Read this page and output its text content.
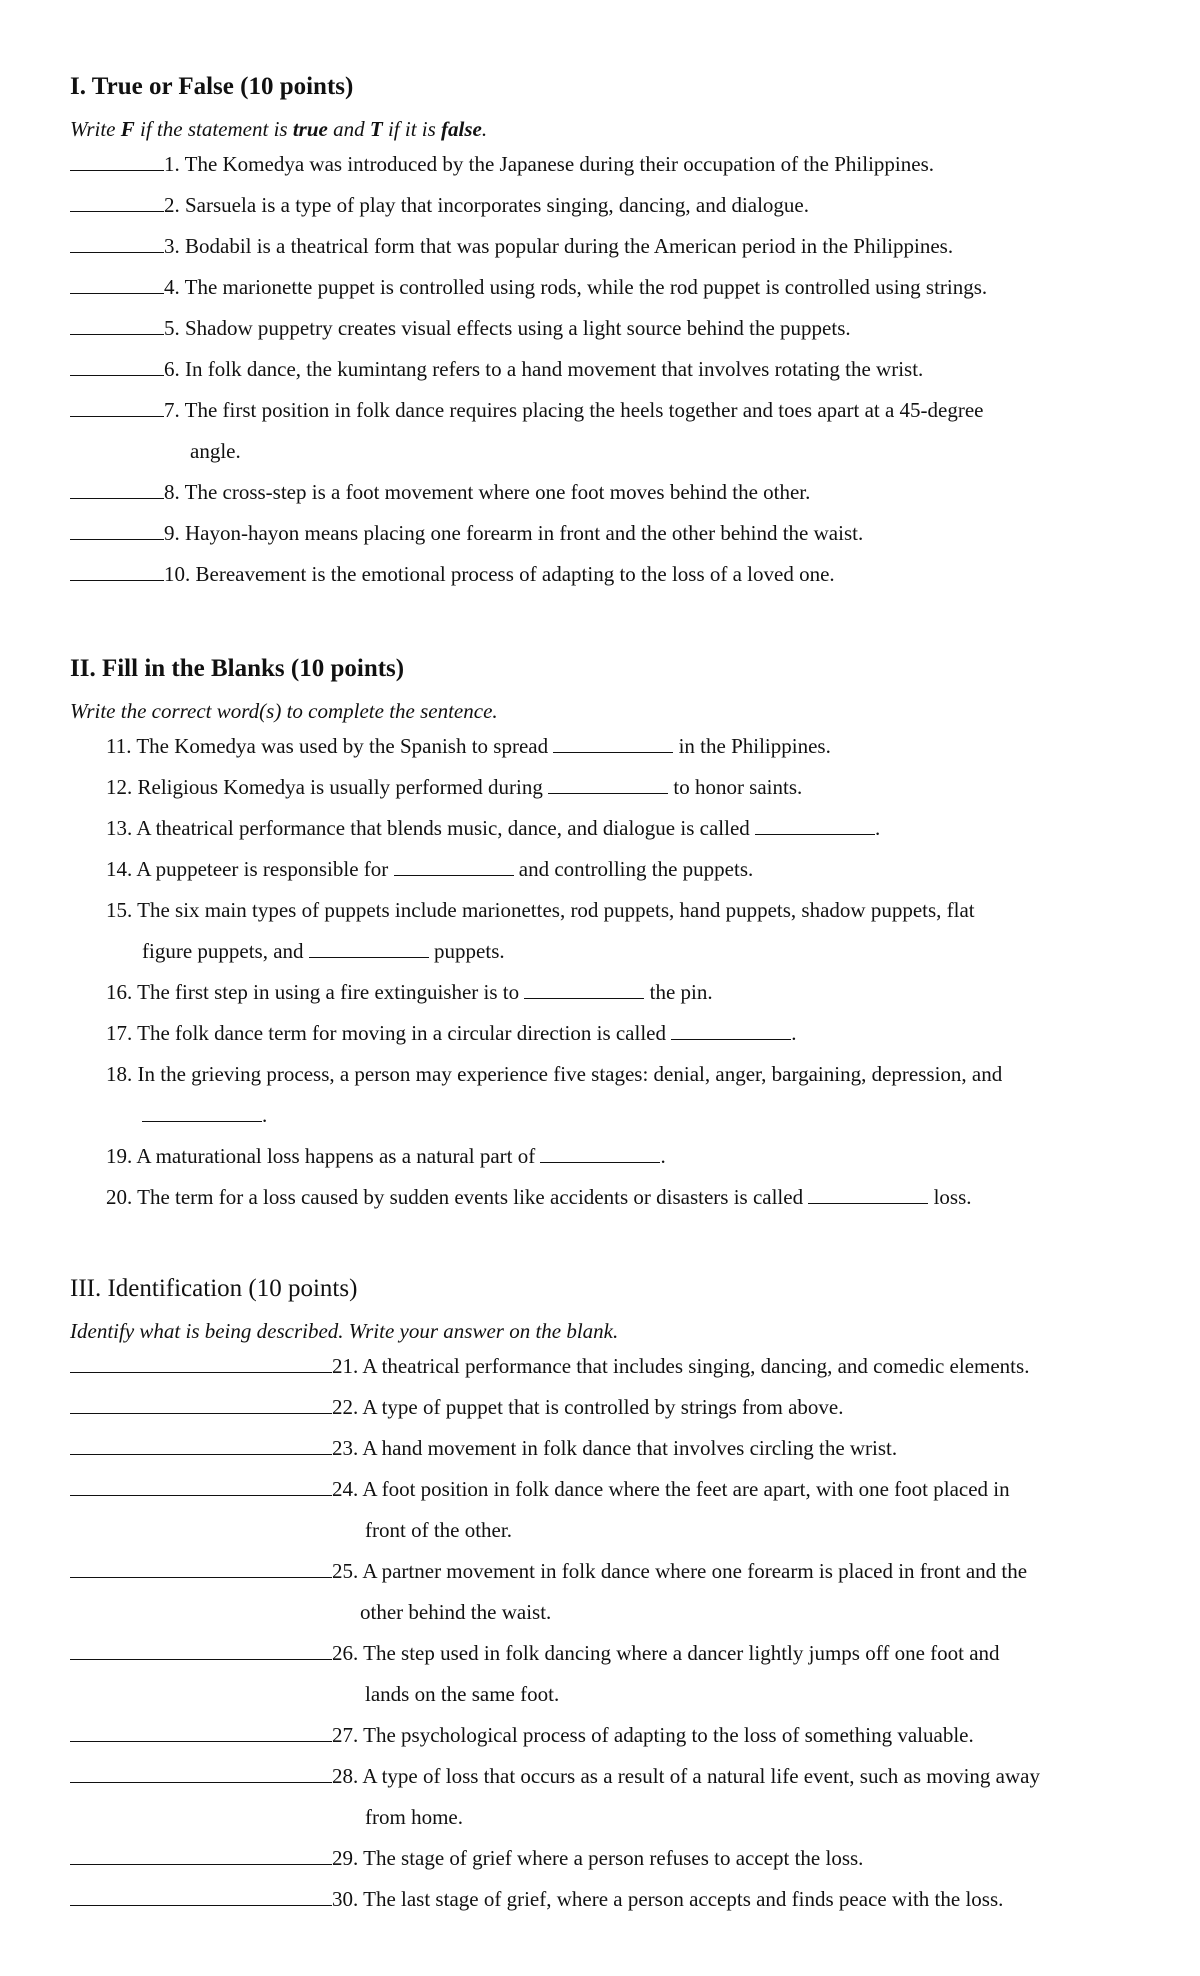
I. True or False (10 points)
Write F if the statement is true and T if it is false.
1. The Komedya was introduced by the Japanese during their occupation of the Philippines.
2. Sarsuela is a type of play that incorporates singing, dancing, and dialogue.
3. Bodabil is a theatrical form that was popular during the American period in the Philippines.
4. The marionette puppet is controlled using rods, while the rod puppet is controlled using strings.
5. Shadow puppetry creates visual effects using a light source behind the puppets.
6. In folk dance, the kumintang refers to a hand movement that involves rotating the wrist.
7. The first position in folk dance requires placing the heels together and toes apart at a 45-degree
angle.
8. The cross-step is a foot movement where one foot moves behind the other.
9. Hayon-hayon means placing one forearm in front and the other behind the waist.
10. Bereavement is the emotional process of adapting to the loss of a loved one.
II. Fill in the Blanks (10 points)
Write the correct word(s) to complete the sentence.
11. The Komedya was used by the Spanish to spread	in the Philippines.
12. Religious Komedya is usually performed during	to honor saints.
13. A theatrical performance that blends music, dance, and dialogue is called	.
14. A puppeteer is responsible for	and controlling the puppets.
15. The six main types of puppets include marionettes, rod puppets, hand puppets, shadow puppets, flat
figure puppets, and	puppets.
16. The first step in using a fire extinguisher is to	the pin.
17. The folk dance term for moving in a circular direction is called	.
18. In the grieving process, a person may experience five stages: denial, anger, bargaining, depression, and
.
19. A maturational loss happens as a natural part of	.
20. The term for a loss caused by sudden events like accidents or disasters is called	loss.
III. Identification (10 points)
Identify what is being described. Write your answer on the blank.
21. A theatrical performance that includes singing, dancing, and comedic elements.
22. A type of puppet that is controlled by strings from above.
23. A hand movement in folk dance that involves circling the wrist.
24. A foot position in folk dance where the feet are apart, with one foot placed in
front of the other.
25. A partner movement in folk dance where one forearm is placed in front and the
other behind the waist.
26. The step used in folk dancing where a dancer lightly jumps off one foot and
lands on the same foot.
27. The psychological process of adapting to the loss of something valuable.
28. A type of loss that occurs as a result of a natural life event, such as moving away
from home.
29. The stage of grief where a person refuses to accept the loss.
30. The last stage of grief, where a person accepts and finds peace with the loss.
